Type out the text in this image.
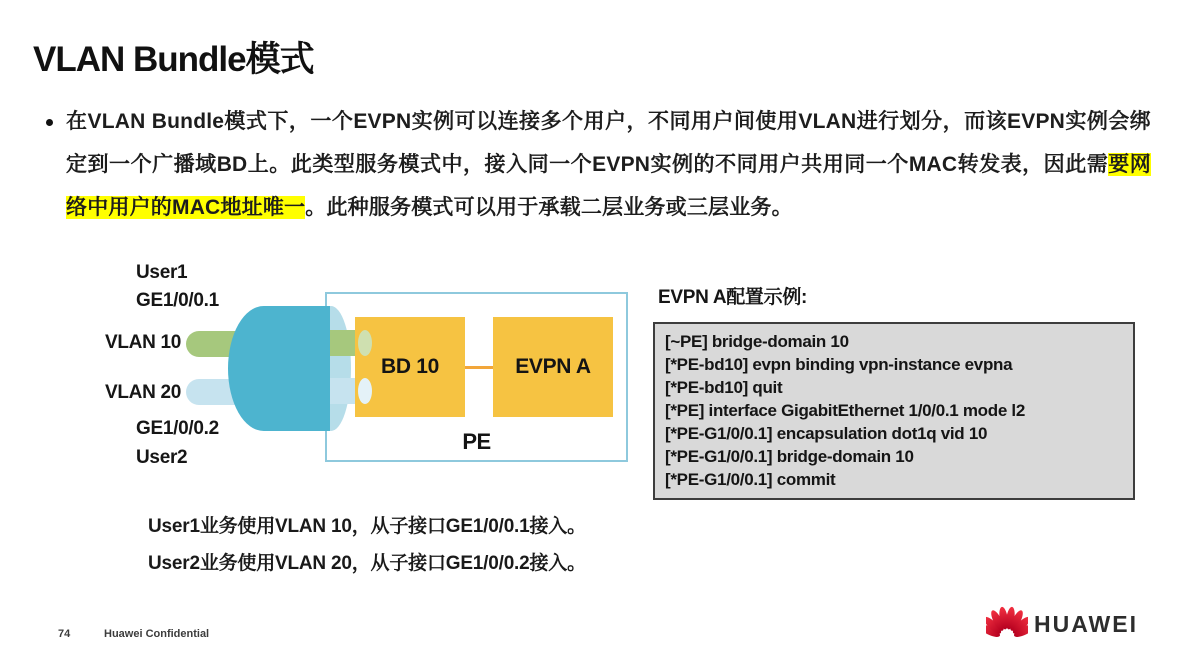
VLAN Bundle模式
在VLAN Bundle模式下，一个EVPN实例可以连接多个用户，不同用户间使用VLAN进行划分，而该EVPN实例会绑定到一个广播域BD上。此类型服务模式中，接入同一个EVPN实例的不同用户共用同一个MAC转发表，因此需要网络中用户的MAC地址唯一。此种服务模式可以用于承载二层业务或三层业务。
User1
GE1/0/0.1
VLAN 10
VLAN 20
GE1/0/0.2
User2
BD 10	EVPN A
PE
EVPN A配置示例:
[~PE] bridge-domain 10
[*PE-bd10] evpn binding vpn-instance evpna
[*PE-bd10] quit
[*PE] interface GigabitEthernet 1/0/0.1 mode l2
[*PE-G1/0/0.1] encapsulation dot1q vid 10
[*PE-G1/0/0.1] bridge-domain 10
[*PE-G1/0/0.1] commit
User1业务使用VLAN 10，从子接口GE1/0/0.1接入。
User2业务使用VLAN 20，从子接口GE1/0/0.2接入。
74	Huawei Confidential	HUAWEI
